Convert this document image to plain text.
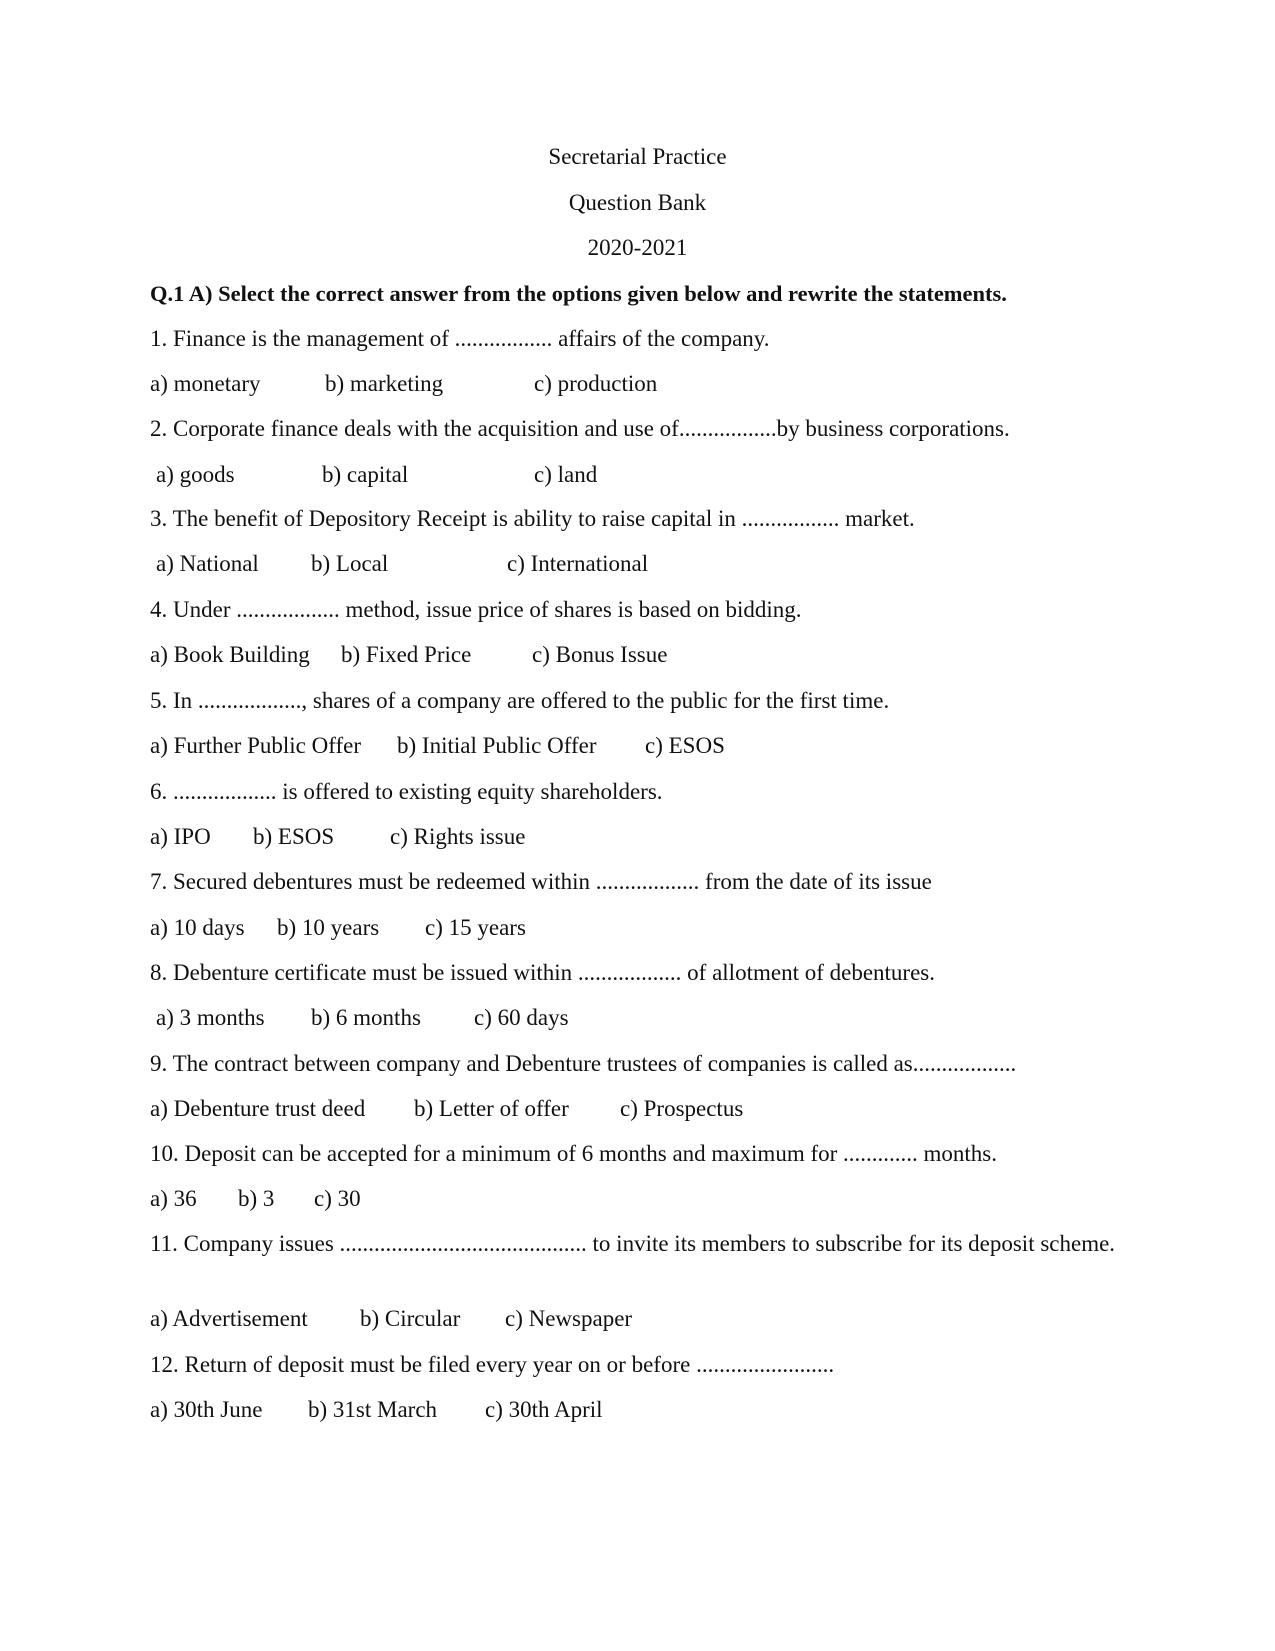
Secretarial Practice
Question Bank
2020-2021
Q.1 A) Select the correct answer from the options given below and rewrite the statements.
1. Finance is the management of ................. affairs of the company.
a) monetary	b) marketing	c) production
2. Corporate finance deals with the acquisition and use of.................by business corporations.
a) goods	b) capital	c) land
3. The benefit of Depository Receipt is ability to raise capital in ................. market.
a) National b) Local	c) International
4. Under .................. method, issue price of shares is based on bidding.
a) Book Building b) Fixed Price	c) Bonus Issue
5. In .................., shares of a company are offered to the public for the first time.
a) Further Public Offer b) Initial Public Offer c) ESOS
6. .................. is offered to existing equity shareholders.
a) IPO b) ESOS c) Rights issue
7. Secured debentures must be redeemed within .................. from the date of its issue
a) 10 days b) 10 years c) 15 years
8. Debenture certificate must be issued within .................. of allotment of debentures.
a) 3 months b) 6 months c) 60 days
9. The contract between company and Debenture trustees of companies is called as..................
a) Debenture trust deed b) Letter of offer c) Prospectus
10. Deposit can be accepted for a minimum of 6 months and maximum for ............. months.
a) 36 b) 3 c) 30
11. Company issues ........................................... to invite its members to subscribe for its deposit scheme.
a) Advertisement b) Circular c) Newspaper
12. Return of deposit must be filed every year on or before ........................
a) 30th June b) 31st March c) 30th April
